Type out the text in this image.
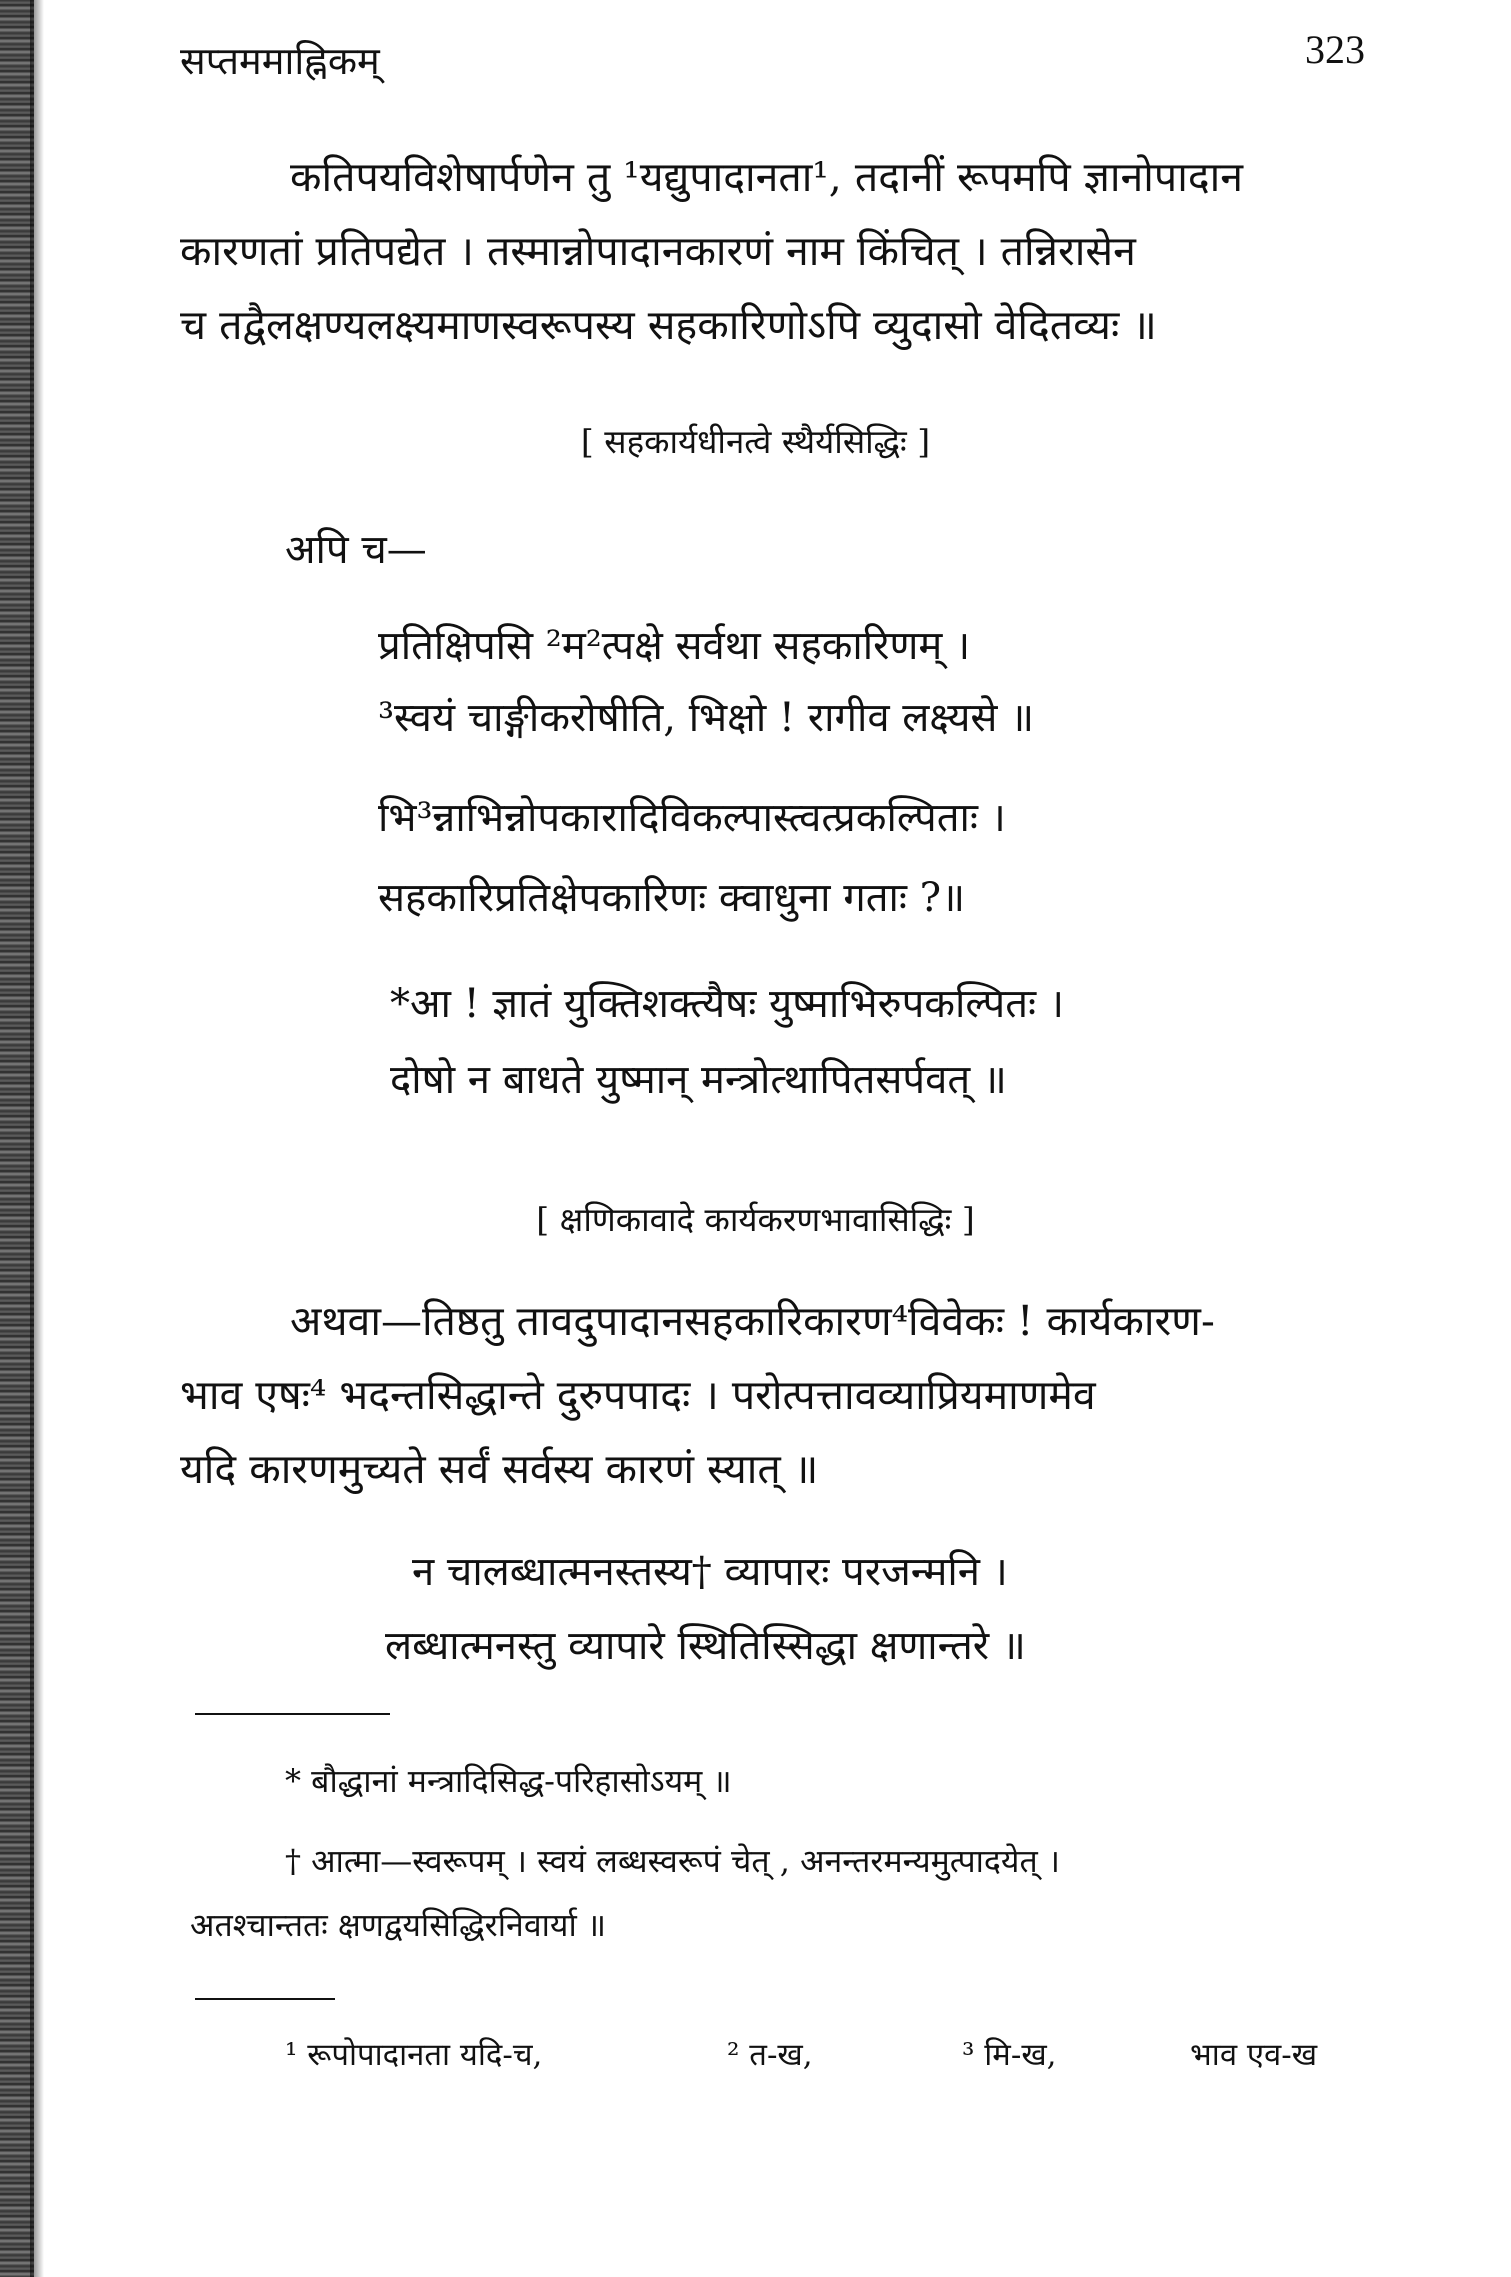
सप्तममाह्निकम्	323
कतिपयविशेषार्पणेन तु ¹यद्युपादानता¹, तदानीं रूपमपि ज्ञानोपादान
कारणतां प्रतिपद्येत । तस्मान्नोपादानकारणं नाम किंचित् । तन्निरासेन
च तद्वैलक्षण्यलक्ष्यमाणस्वरूपस्य सहकारिणोऽपि व्युदासो वेदितव्यः ॥
[ सहकार्यधीनत्वे स्थैर्यसिद्धिः ]
अपि च—
प्रतिक्षिपसि ²म²त्पक्षे सर्वथा सहकारिणम् ।
³स्वयं चाङ्गीकरोषीति, भिक्षो ! रागीव लक्ष्यसे ॥
भि³न्नाभिन्नोपकारादिविकल्पास्त्वत्प्रकल्पिताः ।
सहकारिप्रतिक्षेपकारिणः क्वाधुना गताः ?॥
*आ ! ज्ञातं युक्तिशक्त्यैषः युष्माभिरुपकल्पितः ।
दोषो न बाधते युष्मान् मन्त्रोत्थापितसर्पवत् ॥
[ क्षणिकावादे कार्यकरणभावासिद्धिः ]
अथवा—तिष्ठतु तावदुपादानसहकारिकारण⁴विवेकः ! कार्यकारण-
भाव एषः⁴ भदन्तसिद्धान्ते दुरुपपादः । परोत्पत्तावव्याप्रियमाणमेव
यदि कारणमुच्यते सर्वं सर्वस्य कारणं स्यात् ॥
न चालब्धात्मनस्तस्य† व्यापारः परजन्मनि ।
लब्धात्मनस्तु व्यापारे स्थितिस्सिद्धा क्षणान्तरे ॥
* बौद्धानां मन्त्रादिसिद्ध-परिहासोऽयम् ॥
† आत्मा—स्वरूपम् । स्वयं लब्धस्वरूपं चेत् , अनन्तरमन्यमुत्पादयेत् ।
अतश्चान्ततः क्षणद्वयसिद्धिरनिवार्या ॥
¹ रूपोपादानता यदि-च,	² त-ख,	³ मि-ख,	भाव एव-ख
